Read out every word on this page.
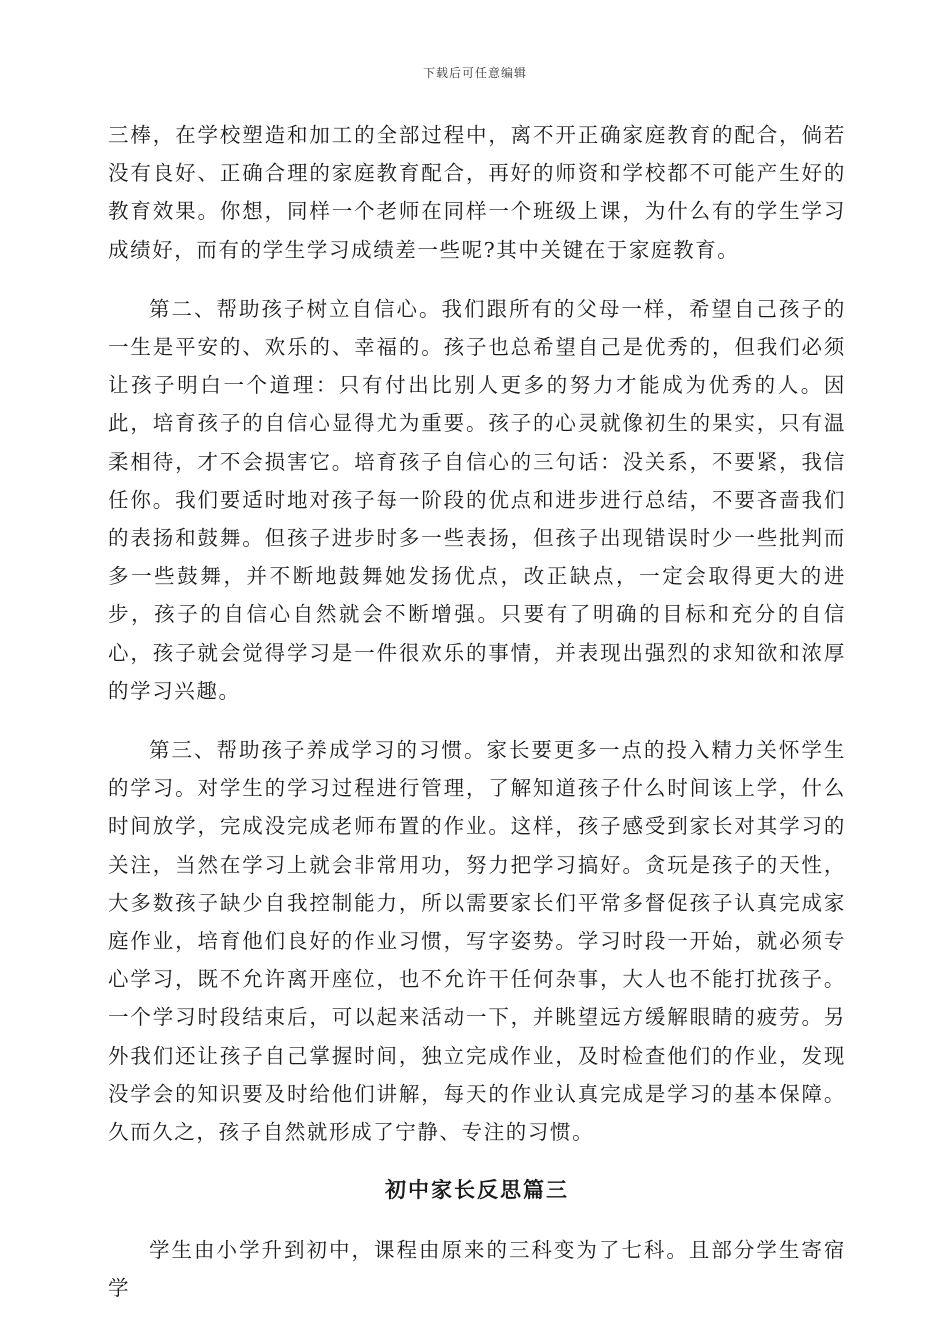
下载后可任意编辑

三棒，在学校塑造和加工的全部过程中，离不开正确家庭教育的配合，倘若没有良好、正确合理的家庭教育配合，再好的师资和学校都不可能产生好的教育效果。你想，同样一个老师在同样一个班级上课，为什么有的学生学习成绩好，而有的学生学习成绩差一些呢?其中关键在于家庭教育。

第二、帮助孩子树立自信心。我们跟所有的父母一样，希望自己孩子的一生是平安的、欢乐的、幸福的。孩子也总希望自己是优秀的，但我们必须让孩子明白一个道理：只有付出比别人更多的努力才能成为优秀的人。因此，培育孩子的自信心显得尤为重要。孩子的心灵就像初生的果实，只有温柔相待，才不会损害它。培育孩子自信心的三句话：没关系，不要紧，我信任你。我们要适时地对孩子每一阶段的优点和进步进行总结，不要吝啬我们的表扬和鼓舞。但孩子进步时多一些表扬，但孩子出现错误时少一些批判而多一些鼓舞，并不断地鼓舞她发扬优点，改正缺点，一定会取得更大的进步，孩子的自信心自然就会不断增强。只要有了明确的目标和充分的自信心，孩子就会觉得学习是一件很欢乐的事情，并表现出强烈的求知欲和浓厚的学习兴趣。

第三、帮助孩子养成学习的习惯。家长要更多一点的投入精力关怀学生的学习。对学生的学习过程进行管理，了解知道孩子什么时间该上学，什么时间放学，完成没完成老师布置的作业。这样，孩子感受到家长对其学习的关注，当然在学习上就会非常用功，努力把学习搞好。贪玩是孩子的天性，大多数孩子缺少自我控制能力，所以需要家长们平常多督促孩子认真完成家庭作业，培育他们良好的作业习惯，写字姿势。学习时段一开始，就必须专心学习，既不允许离开座位，也不允许干任何杂事，大人也不能打扰孩子。一个学习时段结束后，可以起来活动一下，并眺望远方缓解眼睛的疲劳。另外我们还让孩子自己掌握时间，独立完成作业，及时检查他们的作业，发现没学会的知识要及时给他们讲解，每天的作业认真完成是学习的基本保障。久而久之，孩子自然就形成了宁静、专注的习惯。

初中家长反思篇三

学生由小学升到初中，课程由原来的三科变为了七科。且部分学生寄宿学
